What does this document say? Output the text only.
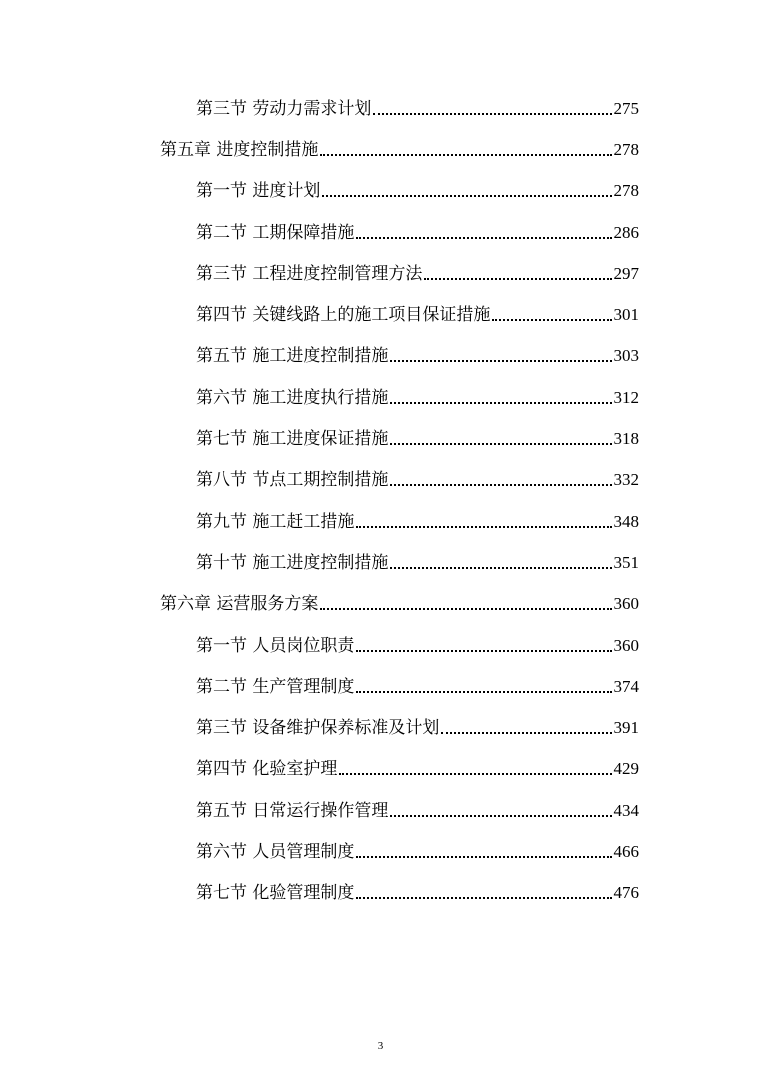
第三节 劳动力需求计划	275
第五章 进度控制措施	278
第一节 进度计划	278
第二节 工期保障措施	286
第三节 工程进度控制管理方法	297
第四节 关键线路上的施工项目保证措施	301
第五节 施工进度控制措施	303
第六节 施工进度执行措施	312
第七节 施工进度保证措施	318
第八节 节点工期控制措施	332
第九节 施工赶工措施	348
第十节 施工进度控制措施	351
第六章 运营服务方案	360
第一节 人员岗位职责	360
第二节 生产管理制度	374
第三节 设备维护保养标准及计划	391
第四节 化验室护理	429
第五节 日常运行操作管理	434
第六节 人员管理制度	466
第七节 化验管理制度	476
3
